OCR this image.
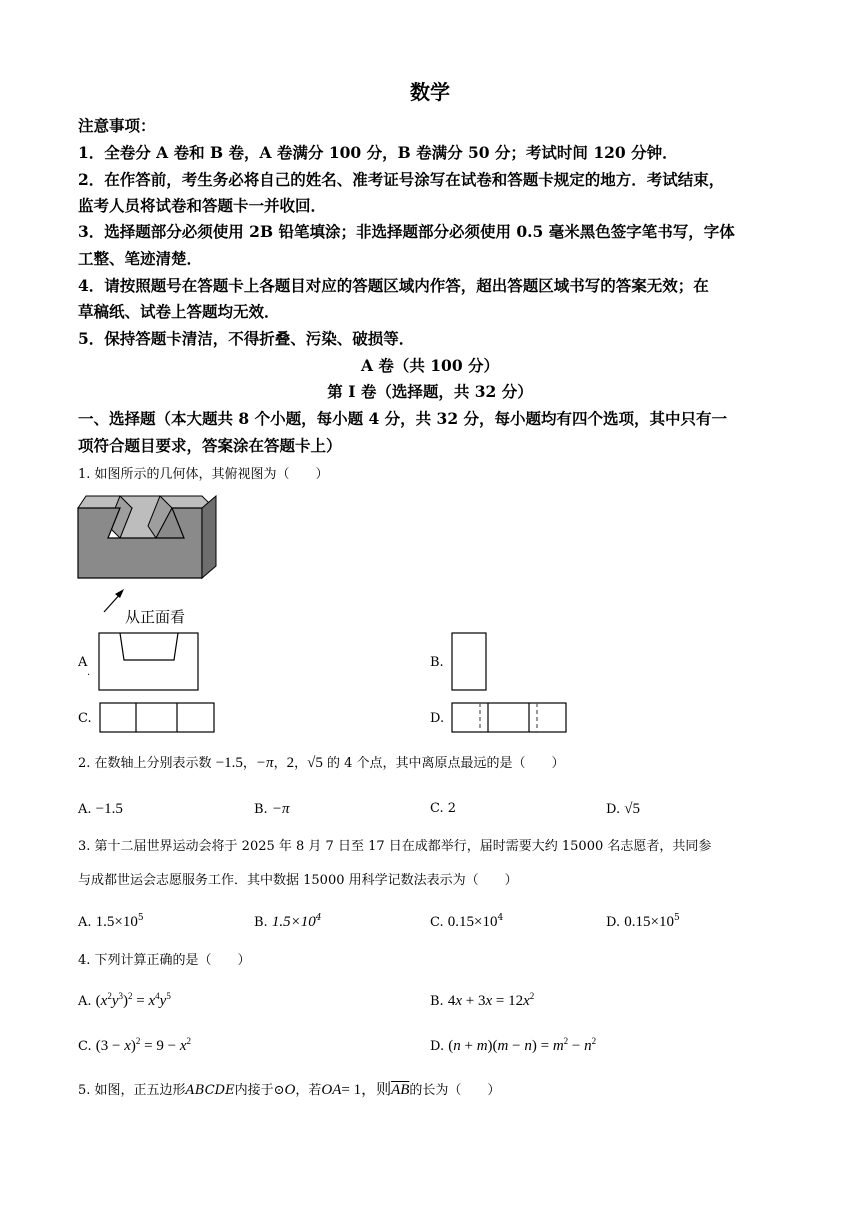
数学
注意事项：
1．全卷分 A 卷和 B 卷，A 卷满分 100 分，B 卷满分 50 分；考试时间 120 分钟．
2．在作答前，考生务必将自己的姓名、准考证号涂写在试卷和答题卡规定的地方．考试结束，
监考人员将试卷和答题卡一并收回．
3．选择题部分必须使用 2B 铅笔填涂；非选择题部分必须使用 0.5 毫米黑色签字笔书写，字体
工整、笔迹清楚．
4．请按照题号在答题卡上各题目对应的答题区域内作答，超出答题区域书写的答案无效；在
草稿纸、试卷上答题均无效．
5．保持答题卡清洁，不得折叠、污染、破损等．
A 卷（共 100 分）
第 I 卷（选择题，共 32 分）
一、选择题（本大题共 8 个小题，每小题 4 分，共 32 分，每小题均有四个选项，其中只有一
项符合题目要求，答案涂在答题卡上）
1. 如图所示的几何体，其俯视图为（　　）
从正面看
A
.
B.
C.	D.
2. 在数轴上分别表示数 −1.5，−π，2，√5 的 4 个点，其中离原点最远的是（　　）
A. −1.5	B. −π	C. 2	D. √5
3. 第十二届世界运动会将于 2025 年 8 月 7 日至 17 日在成都举行，届时需要大约 15000 名志愿者，共同参
与成都世运会志愿服务工作．其中数据 15000 用科学记数法表示为（　　）
A. $1.5\times 10^5$	B. $1.5\times 10^4$	C. $0.15\times 10^4$	D. $0.15\times 10^5$
4. 下列计算正确的是（　　）
A. $(x^2y^3)^2 = x^4y^5$	B. $4x + 3x = 12x^2$
C. $(3 - x)^2 = 9 - x^2$	D. $(n + m)(m - n) = m^2 - n^2$
5. 如图，正五边形ABCDE内接于⊙O，若OA= 1，则$\overline{AB}$的长为（　　）
